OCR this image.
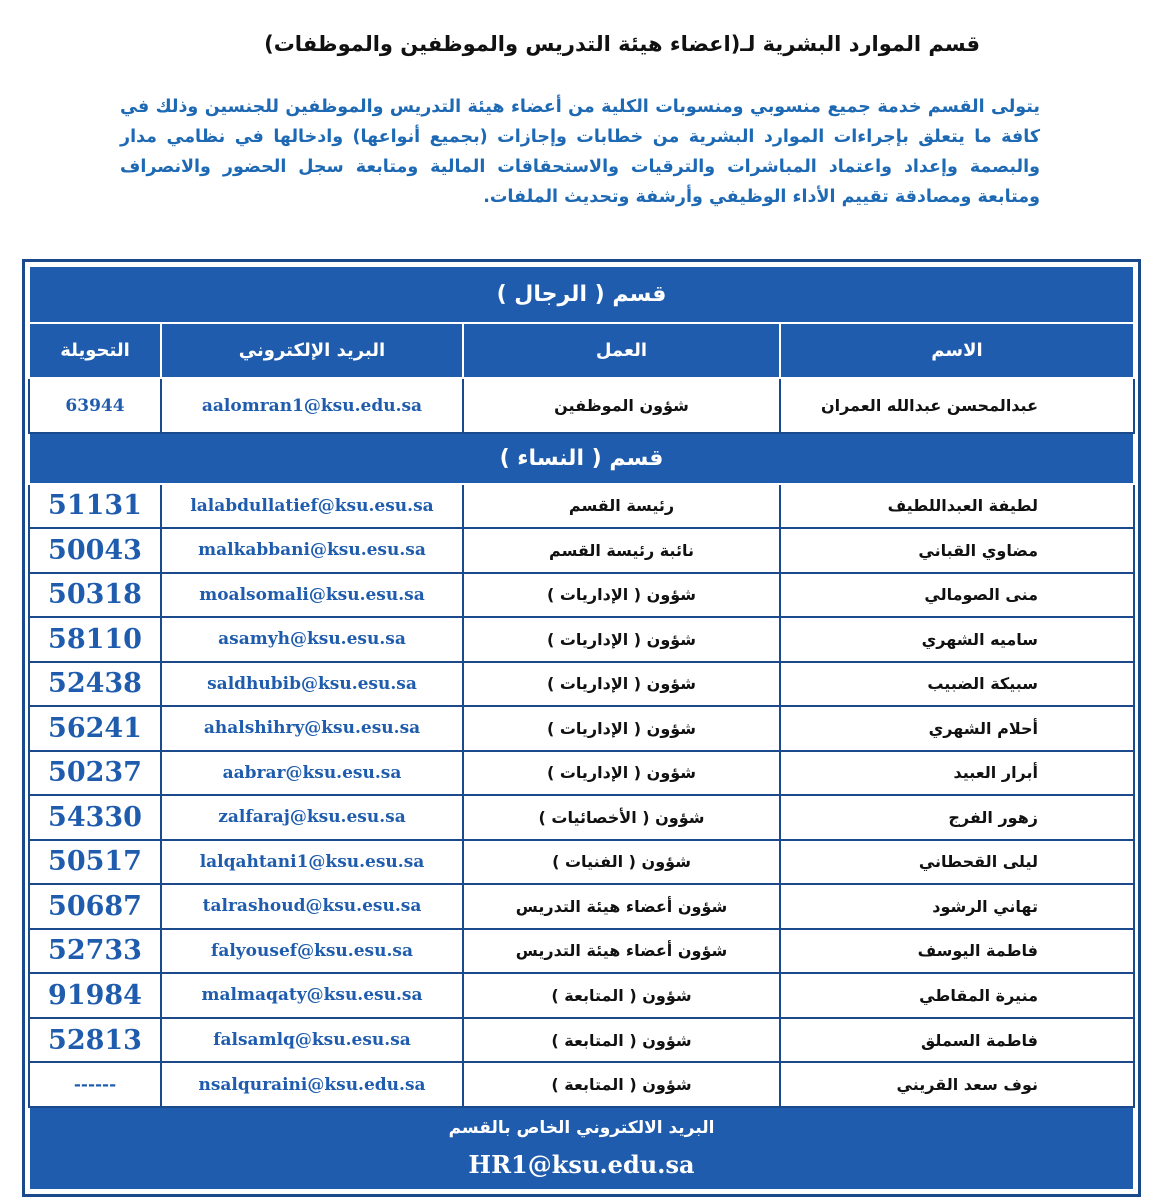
قسم الموارد البشرية لـ(اعضاء هيئة التدريس والموظفين والموظفات)
يتولى القسم خدمة جميع منسوبي ومنسوبات الكلية من أعضاء هيئة التدريس والموظفين للجنسين وذلك في كافة ما يتعلق بإجراءات الموارد البشرية من خطابات وإجازات (بجميع أنواعها) وادخالها في نظامي مدار والبصمة وإعداد واعتماد المباشرات والترقيات والاستحقاقات المالية ومتابعة سجل الحضور والانصراف ومتابعة ومصادقة تقييم الأداء الوظيفي وأرشفة وتحديث الملفات.
قسم ( الرجال )			
التحويلة	البريد الإلكتروني	العمل	الاسم
63944	aalomran1@ksu.edu.sa	شؤون الموظفين	عبدالمحسن عبدالله العمران
قسم ( النساء )			
51131	lalabdullatief@ksu.esu.sa	رئيسة القسم	لطيفة العبداللطيف
50043	malkabbani@ksu.esu.sa	نائبة رئيسة القسم	مضاوي القباني
50318	moalsomali@ksu.esu.sa	شؤون ( الإداريات )	منى الصومالي
58110	asamyh@ksu.esu.sa	شؤون ( الإداريات )	ساميه الشهري
52438	saldhubib@ksu.esu.sa	شؤون ( الإداريات )	سبيكة الضبيب
56241	ahalshihry@ksu.esu.sa	شؤون ( الإداريات )	أحلام الشهري
50237	aabrar@ksu.esu.sa	شؤون ( الإداريات )	أبرار العبيد
54330	zalfaraj@ksu.esu.sa	شؤون ( الأخصائيات )	زهور الفرج
50517	lalqahtani1@ksu.esu.sa	شؤون ( الفنيات )	ليلى القحطاني
50687	talrashoud@ksu.esu.sa	شؤون أعضاء هيئة التدريس	تهاني الرشود
52733	falyousef@ksu.esu.sa	شؤون أعضاء هيئة التدريس	فاطمة اليوسف
91984	malmaqaty@ksu.esu.sa	شؤون ( المتابعة )	منيرة المقاطي
52813	falsamlq@ksu.esu.sa	شؤون ( المتابعة )	فاطمة السملق
------	nsalquraini@ksu.edu.sa	شؤون ( المتابعة )	نوف سعد القريني

البريد الالكتروني الخاص بالقسم
HR1@ksu.edu.sa			
